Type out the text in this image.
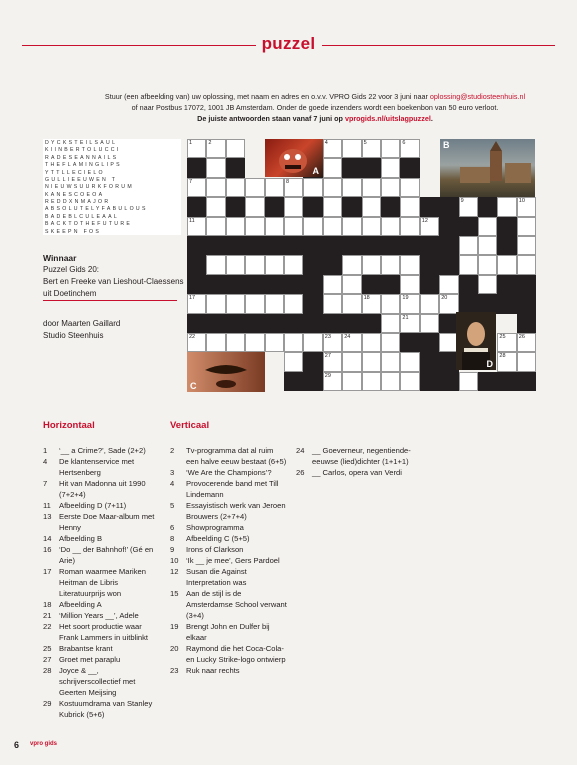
puzzel
Stuur (een afbeelding van) uw oplossing, met naam en adres en o.v.v. VPRO Gids 22 voor 3 juni naar oplossing@studiosteenhuis.nl
of naar Postbus 17072, 1001 JB Amsterdam. Onder de goede inzenders wordt een boekenbon van 50 euro verloot.
De juiste antwoorden staan vanaf 7 juni op vprogids.nl/uitslagpuzzel.
DYCKSTEILSAUL
KIINBERTOLUCCI
RADESEANNAILS
THEFLAMINGLIPS
YTTLLECIELO
GULLIEEUWEN T
NIEUWSUURKFORUM
KANESCOEOA
REDDXNMAJOR
ABSOLUTELYFABULOUS
BADEBLCULEAAL
BACKTOTHEFUTURE
SKEEPN FOS
Winnaar
Puzzel Gids 20:
Bert en Freeke van Lieshout-Claessens
uit Doetinchem
door Maarten Gaillard
Studio Steenhuis
1	2	4	5	6
7	8
9	10
11	12
17	18	19	20
21
22	23 24	25 26
27	28
29
A
B
C
D
Horizontaal	Verticaal
1 ‘__ a Crime?’, Sade (2+2)
4 De klantenservice met Hertsenberg
7 Hit van Madonna uit 1990 (7+2+4)
11 Afbeelding D (7+11)
13 Eerste Doe Maar-album met Henny
14 Afbeelding B
16 ‘Do __ der Bahnhof!’ (Gé en Arie)
17 Roman waarmee Mariken Heitman de Libris Literatuurprijs won
18 Afbeelding A
21 ‘Million Years __’, Adele
22 Het soort productie waar Frank Lammers in uitblinkt
25 Brabantse krant
27 Groet met paraplu
28 Joyce & __, schrijverscollectief met Geerten Meijsing
29 Kostuumdrama van Stanley Kubrick (5+6)
2 Tv-programma dat al ruim een halve eeuw bestaat (6+5)
3 ‘We Are the Champions’?
4 Provocerende band met Till Lindemann
5 Essayistisch werk van Jeroen Brouwers (2+7+4)
6 Showprogramma
8 Afbeelding C (5+5)
9 Irons of Clarkson
10 ‘Ik __ je mee’, Gers Pardoel
12 Susan die Against Interpretation was
15 Aan de stijl is de Amsterdamse School verwant (3+4)
19 Brengt John en Dulfer bij elkaar
20 Raymond die het Coca-Cola- en Lucky Strike-logo ontwierp
23 Ruk naar rechts
24 __ Goeverneur, negentiende-eeuwse (lied)dichter (1+1+1)
26 __ Carlos, opera van Verdi
6 vpro gids
